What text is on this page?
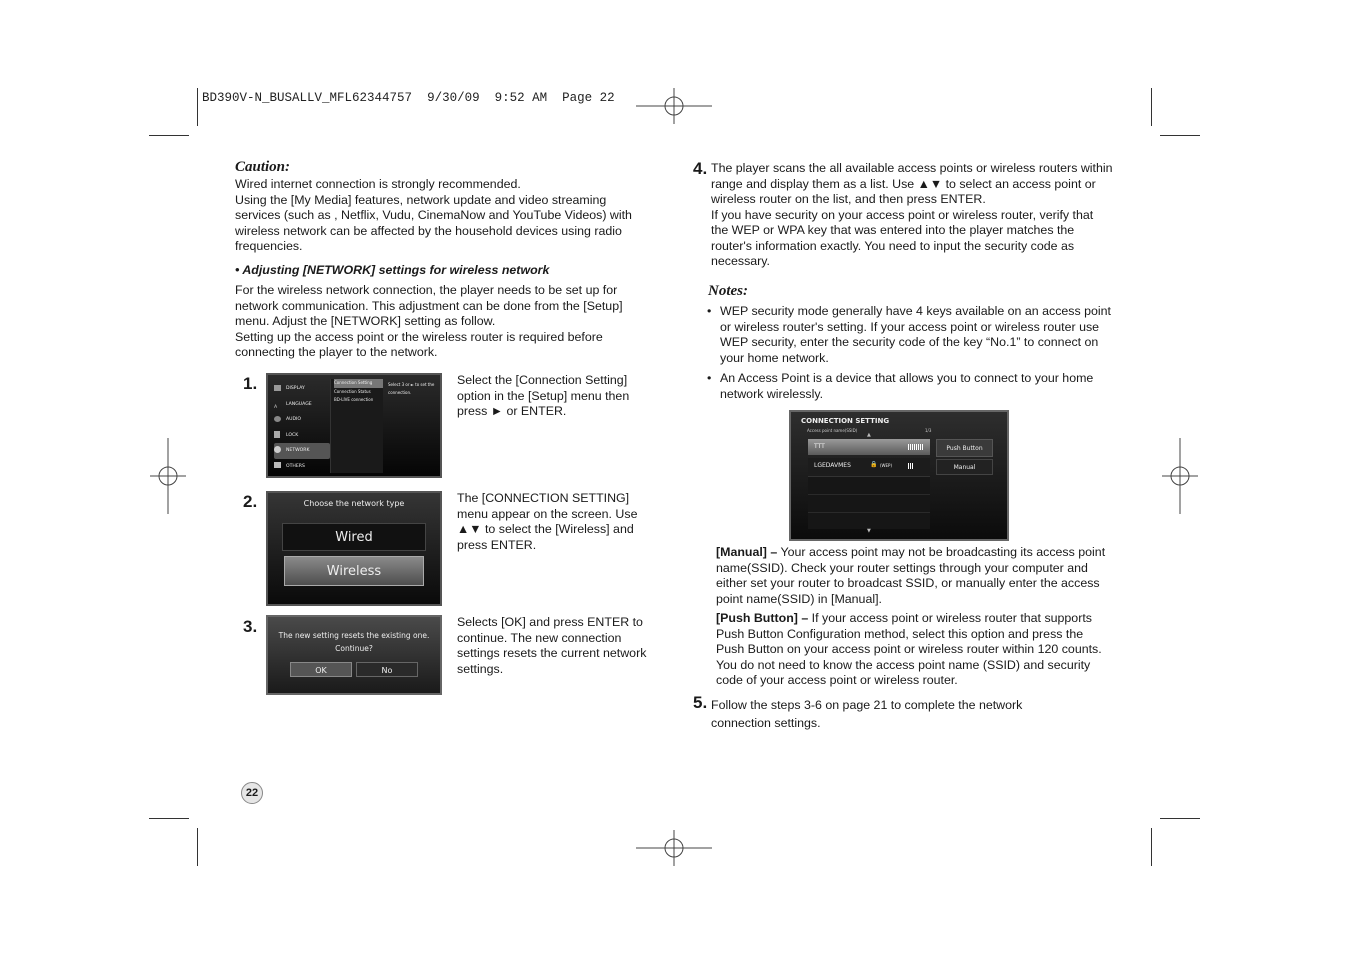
BD390V-N_BUSALLV_MFL62344757 9/30/09 9:52 AM Page 22
Caution:
Wired internet connection is strongly recommended.
Using the [My Media] features, network update and video streaming services (such as , Netflix, Vudu, CinemaNow and YouTube Videos) with wireless network can be affected by the household devices using radio frequencies.
• Adjusting [NETWORK] settings for wireless network
For the wireless network connection, the player needs to be set up for network communication. This adjustment can be done from the [Setup] menu. Adjust the [NETWORK] setting as follow.
Setting up the access point or the wireless router is required before connecting the player to the network.
1.	DISPLAY
ALANGUAGE
AUDIO
LOCK
NETWORK
OTHERS
Connection Setting
Connection Status
BD-LIVE connection
Select 3 or ► to set the connection.
Select the [Connection Setting] option in the [Setup] menu then press ► or ENTER.
2.	Choose the network type
Wired
Wireless
The [CONNECTION SETTING] menu appear on the screen. Use ▲▼ to select the [Wireless] and press ENTER.
3.	The new setting resets the existing one. Continue?
OK	No
Selects [OK] and press ENTER to continue. The new connection settings resets the current network settings.
22
4. The player scans the all available access points or wireless routers within range and display them as a list. Use ▲▼ to select an access point or wireless router on the list, and then press ENTER.
If you have security on your access point or wireless router, verify that the WEP or WPA key that was entered into the player matches the router's information exactly. You need to input the security code as necessary.
Notes:
• WEP security mode generally have 4 keys available on an access point or wireless router's setting. If your access point or wireless router use WEP security, enter the security code of the key “No.1” to connect on your home network.
• An Access Point is a device that allows you to connect to your home network wirelessly.
CONNECTION SETTING
Access point name(SSID)	1/3
▲
TTT
LGEDAVMES	🔒 (WEP)
▼
Push Button
Manual
[Manual] – Your access point may not be broadcasting its access point name(SSID). Check your router settings through your computer and either set your router to broadcast SSID, or manually enter the access point name(SSID) in [Manual].
[Push Button] – If your access point or wireless router that supports Push Button Configuration method, select this option and press the Push Button on your access point or wireless router within 120 counts. You do not need to know the access point name (SSID) and security code of your access point or wireless router.
5. Follow the steps 3-6 on page 21 to complete the network connection settings.
